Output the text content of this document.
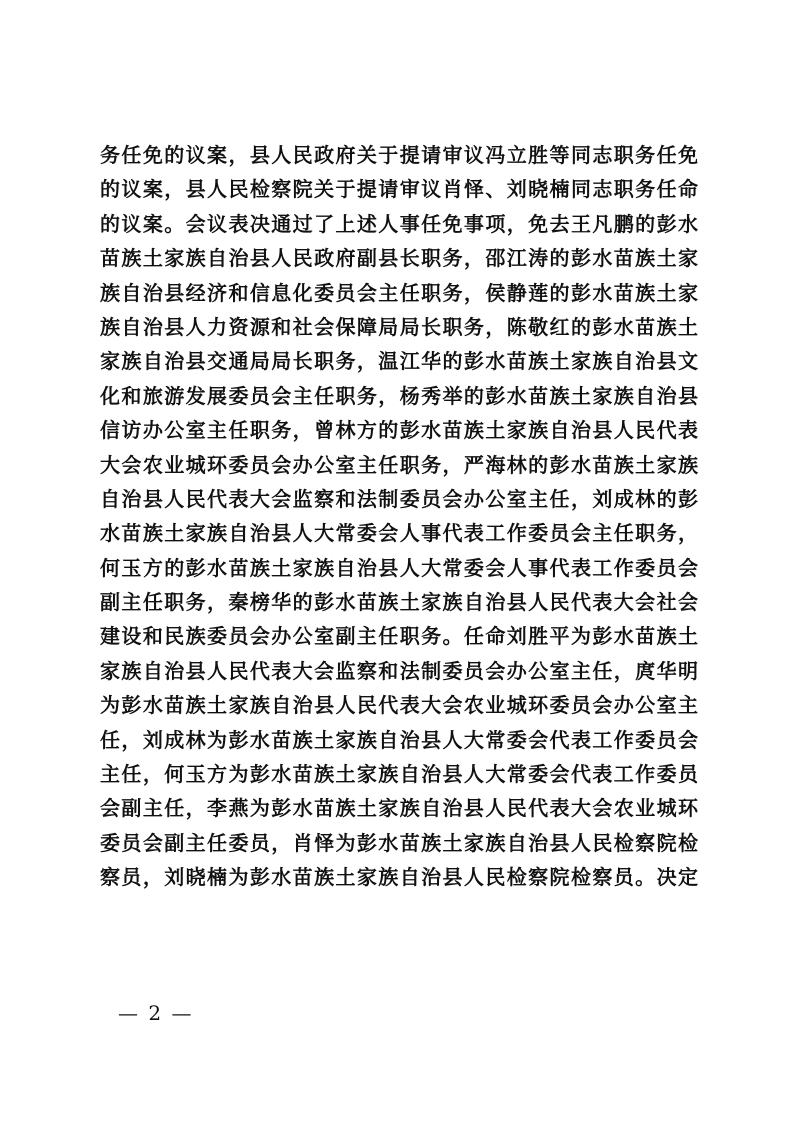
务任免的议案，县人民政府关于提请审议冯立胜等同志职务任免
的议案，县人民检察院关于提请审议肖怿、刘晓楠同志职务任命
的议案。会议表决通过了上述人事任免事项，免去王凡鹏的彭水
苗族土家族自治县人民政府副县长职务，邵江涛的彭水苗族土家
族自治县经济和信息化委员会主任职务，侯静莲的彭水苗族土家
族自治县人力资源和社会保障局局长职务，陈敬红的彭水苗族土
家族自治县交通局局长职务，温江华的彭水苗族土家族自治县文
化和旅游发展委员会主任职务，杨秀举的彭水苗族土家族自治县
信访办公室主任职务，曾林方的彭水苗族土家族自治县人民代表
大会农业城环委员会办公室主任职务，严海林的彭水苗族土家族
自治县人民代表大会监察和法制委员会办公室主任，刘成林的彭
水苗族土家族自治县人大常委会人事代表工作委员会主任职务，
何玉方的彭水苗族土家族自治县人大常委会人事代表工作委员会
副主任职务，秦榜华的彭水苗族土家族自治县人民代表大会社会
建设和民族委员会办公室副主任职务。任命刘胜平为彭水苗族土
家族自治县人民代表大会监察和法制委员会办公室主任，庹华明
为彭水苗族土家族自治县人民代表大会农业城环委员会办公室主
任，刘成林为彭水苗族土家族自治县人大常委会代表工作委员会
主任，何玉方为彭水苗族土家族自治县人大常委会代表工作委员
会副主任，李燕为彭水苗族土家族自治县人民代表大会农业城环
委员会副主任委员，肖怿为彭水苗族土家族自治县人民检察院检
察员，刘晓楠为彭水苗族土家族自治县人民检察院检察员。决定
— 2 —
